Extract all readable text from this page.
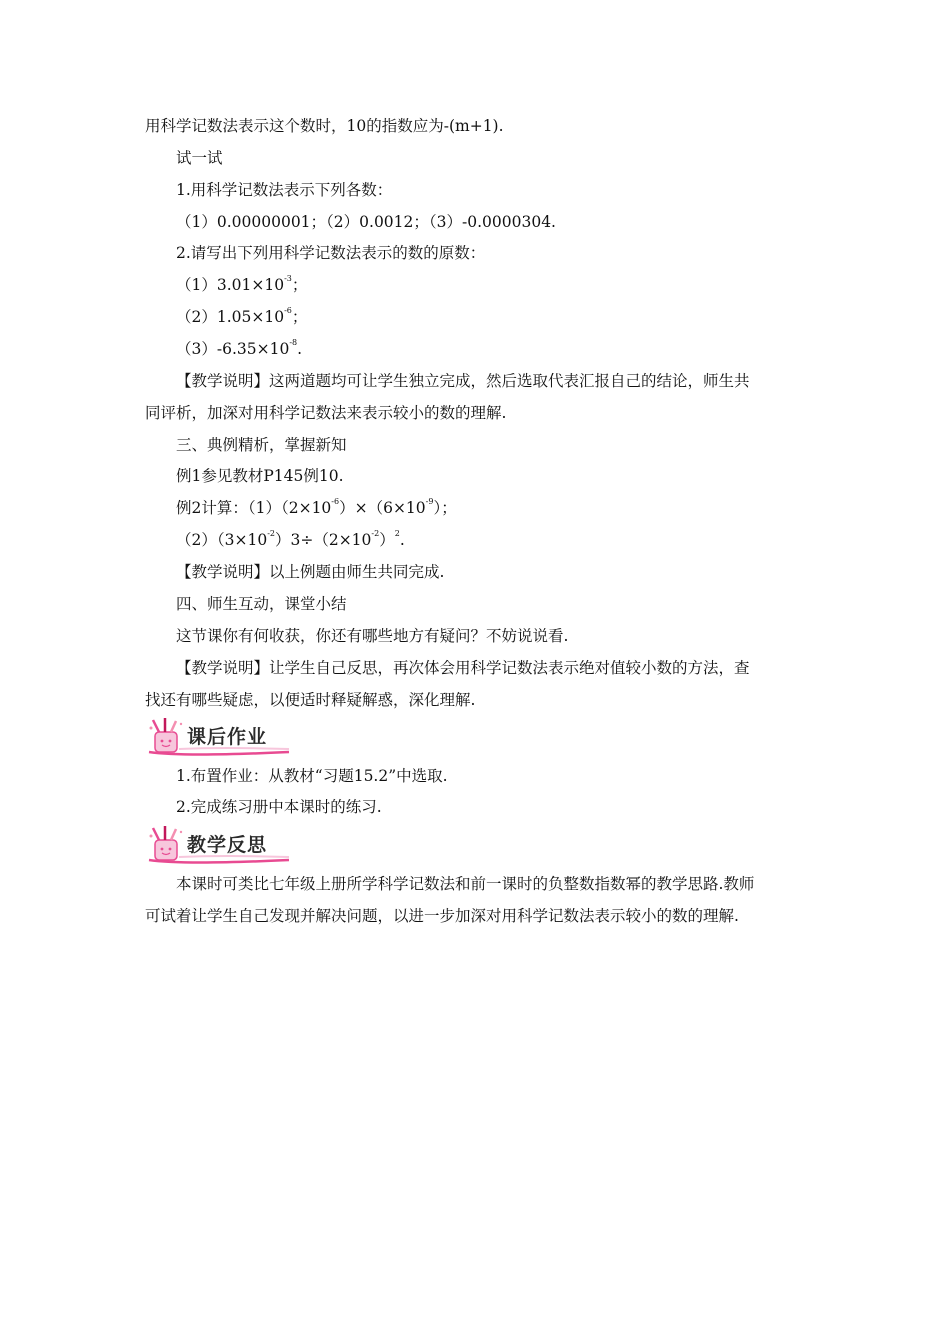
用科学记数法表示这个数时，10的指数应为-(m+1).
试一试
1.用科学记数法表示下列各数：
（1）0.00000001；（2）0.0012；（3）-0.0000304.
2.请写出下列用科学记数法表示的数的原数：
$(1)3.01\times 10^{-3}$；
$(2)1.05\times 10^{-6}$；
$(3)-6.35\times 10^{-8}$.
【教学说明】这两道题均可让学生独立完成，然后选取代表汇报自己的结论，师生共
同评析，加深对用科学记数法来表示较小的数的理解.
三、典例精析，掌握新知
例1参见教材P145例10.
例2计算：$(1)(2\times 10^{-6})\times(6\times 10^{-9})$；
$(2)(3\times 10^{-2})3\div(2\times 10^{-2})^2$.
【教学说明】以上例题由师生共同完成.
四、师生互动，课堂小结
这节课你有何收获，你还有哪些地方有疑问？不妨说说看.
【教学说明】让学生自己反思，再次体会用科学记数法表示绝对值较小数的方法，查
找还有哪些疑虑，以便适时释疑解惑，深化理解.
课后作业
1.布置作业：从教材“习题15.2”中选取.
2.完成练习册中本课时的练习.
教学反思
本课时可类比七年级上册所学科学记数法和前一课时的负整数指数幂的教学思路.教师
可试着让学生自己发现并解决问题，以进一步加深对用科学记数法表示较小的数的理解.
